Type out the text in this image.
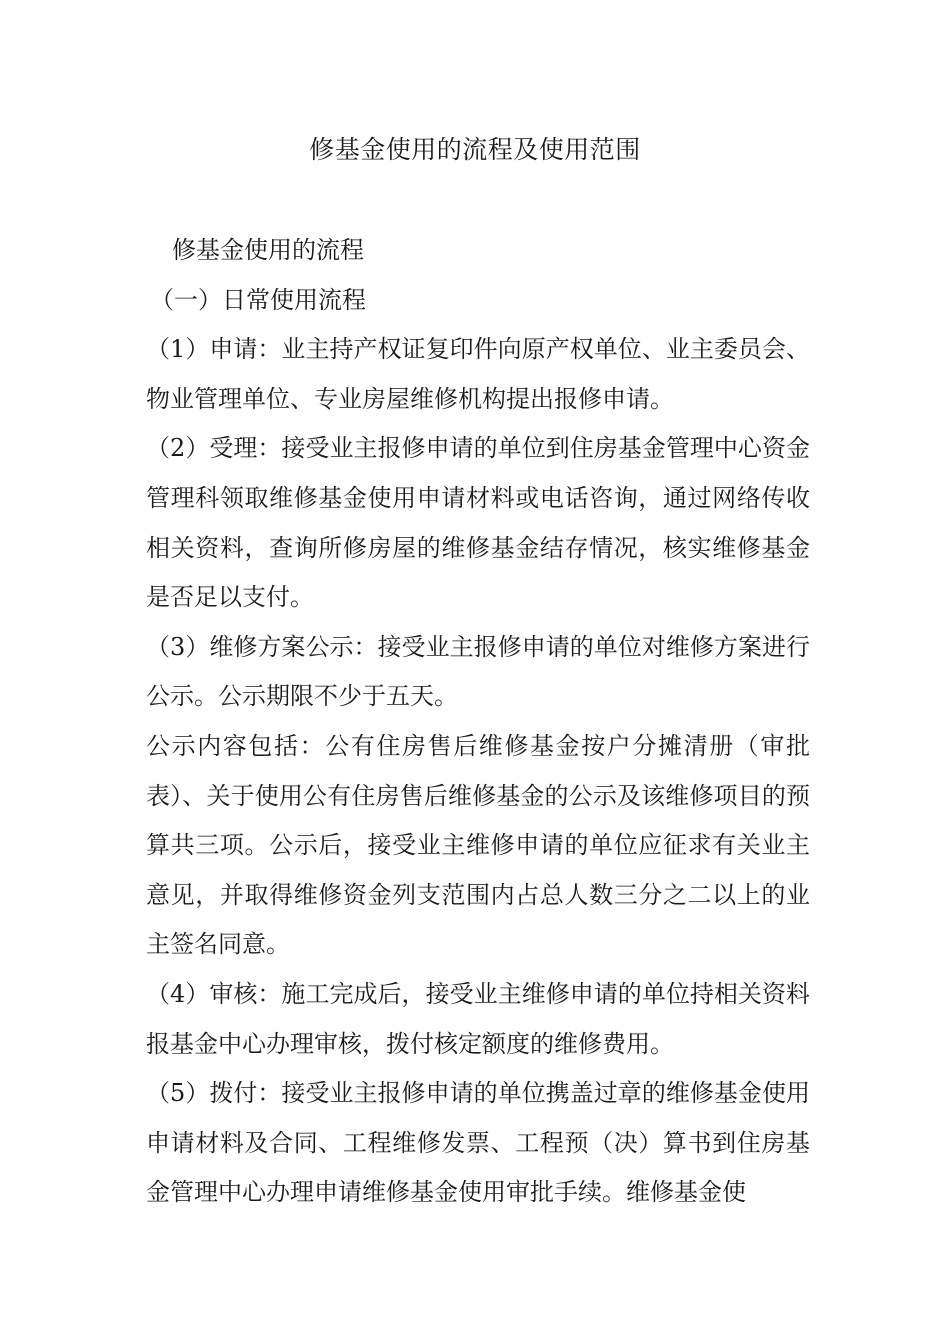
修基金使用的流程及使用范围

修基金使用的流程

（一）日常使用流程

（1）申请：业主持产权证复印件向原产权单位、业主委员会、物业管理单位、专业房屋维修机构提出报修申请。

（2）受理：接受业主报修申请的单位到住房基金管理中心资金管理科领取维修基金使用申请材料或电话咨询，通过网络传收相关资料，查询所修房屋的维修基金结存情况，核实维修基金是否足以支付。

（3）维修方案公示：接受业主报修申请的单位对维修方案进行公示。公示期限不少于五天。

公示内容包括：公有住房售后维修基金按户分摊清册（审批表）、关于使用公有住房售后维修基金的公示及该维修项目的预算共三项。公示后，接受业主维修申请的单位应征求有关业主意见，并取得维修资金列支范围内占总人数三分之二以上的业主签名同意。

（4）审核：施工完成后，接受业主维修申请的单位持相关资料报基金中心办理审核，拨付核定额度的维修费用。

（5）拨付：接受业主报修申请的单位携盖过章的维修基金使用申请材料及合同、工程维修发票、工程预（决）算书到住房基金管理中心办理申请维修基金使用审批手续。维修基金使
